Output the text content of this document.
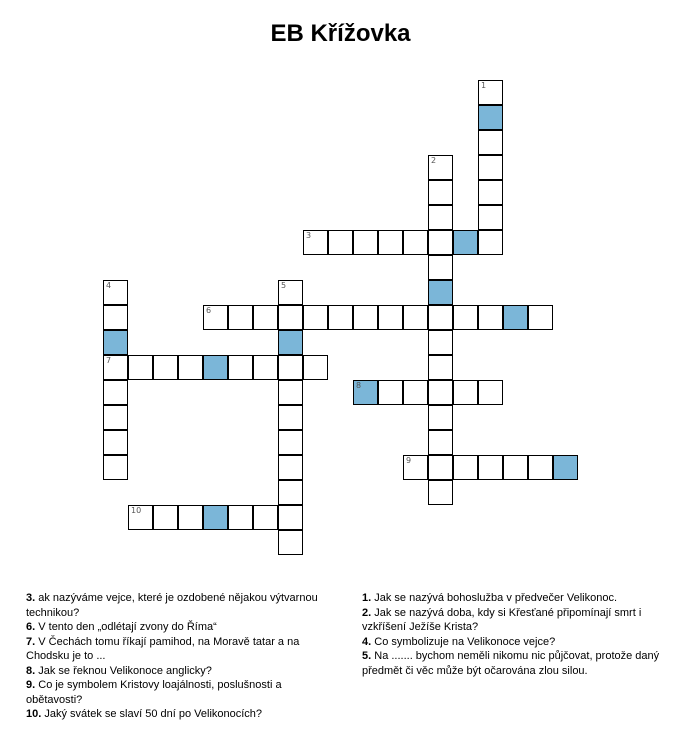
EB Křížovka
1
2
3
4
7
5
6
8
9
10

3. ak nazýváme vejce, které je ozdobené nějakou výtvarnou technikou?

6. V tento den „odlétají zvony do Říma“

7. V Čechách tomu říkají pamihod, na Moravě tatar a na Chodsku je to ...

8. Jak se řeknou Velikonoce anglicky?

9. Co je symbolem Kristovy loajálnosti, poslušnosti a obětavosti?

10. Jaký svátek se slaví 50 dní po Velikonocích?

1. Jak se nazývá bohoslužba v předvečer Velikonoc.

2. Jak se nazývá doba, kdy si Křesťané připomínají smrt i vzkříšení Ježíše Krista?

4. Co symbolizuje na Velikonoce vejce?

5. Na ....... bychom neměli nikomu nic půjčovat, protože daný předmět či věc může být očarována zlou silou.
